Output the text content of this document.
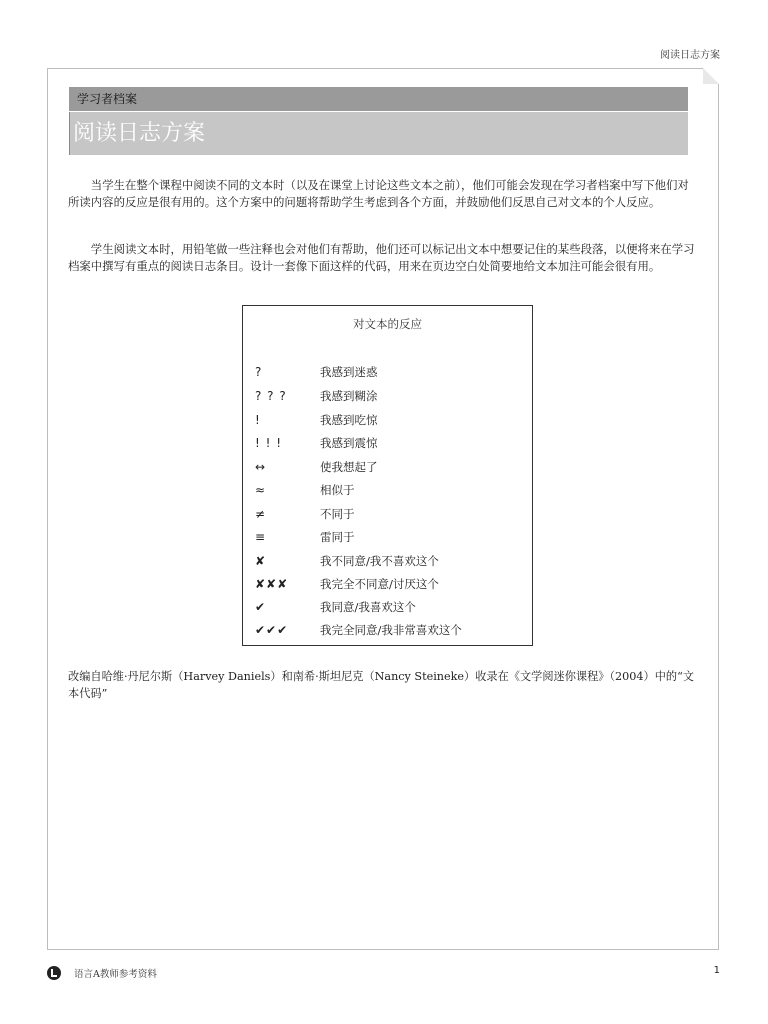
阅读日志方案
学习者档案
阅读日志方案

当学生在整个课程中阅读不同的文本时（以及在课堂上讨论这些文本之前），他们可能会发现在学习者档案中写下他们对所读内容的反应是很有用的。这个方案中的问题将帮助学生考虑到各个方面，并鼓励他们反思自己对文本的个人反应。

学生阅读文本时，用铅笔做一些注释也会对他们有帮助，他们还可以标记出文本中想要记住的某些段落，以便将来在学习档案中撰写有重点的阅读日志条目。设计一套像下面这样的代码，用来在页边空白处简要地给文本加注可能会很有用。

对文本的反应
?	我感到迷惑
? ? ?	我感到糊涂
!	我感到吃惊
! ! !	我感到震惊
↔	使我想起了
≈	相似于
≠	不同于
≡	雷同于
✘	我不同意/我不喜欢这个
✘✘✘	我完全不同意/讨厌这个
✔	我同意/我喜欢这个
✔✔✔	我完全同意/我非常喜欢这个

改编自哈维·丹尼尔斯（Harvey Daniels）和南希·斯坦尼克（Nancy Steineke）收录在《文学阅迷你课程》（2004）中的“文本代码”

语言A教师参考资料	1
